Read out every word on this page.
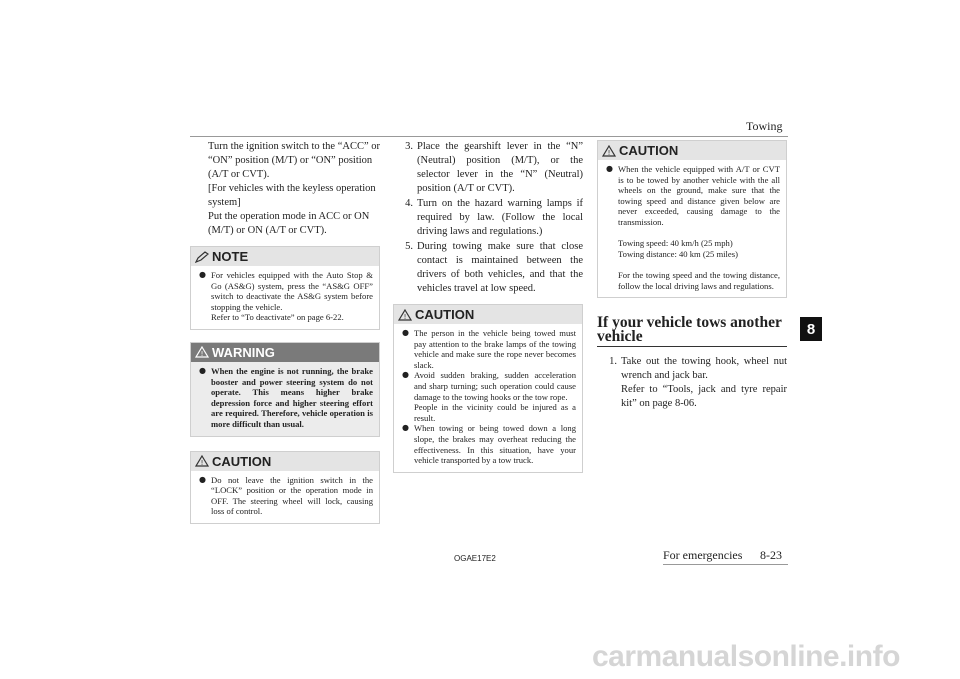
Towing

Turn the ignition switch to the “ACC” or
“ON” position (M/T) or “ON” position
(A/T or CVT).
[For vehicles with the keyless operation
system]
Put the operation mode in ACC or ON
(M/T) or ON (A/T or CVT).

NOTE
● For vehicles equipped with the Auto Stop & Go (AS&G) system, press the “AS&G OFF” switch to deactivate the AS&G system before stopping the vehicle.
Refer to “To deactivate” on page 6-22.
! WARNING
● When the engine is not running, the brake booster and power steering system do not operate. This means higher brake depression force and higher steering effort are required. Therefore, vehicle operation is more difficult than usual.
! CAUTION
● Do not leave the ignition switch in the “LOCK” position or the operation mode in OFF. The steering wheel will lock, causing loss of control.
3. Place the gearshift lever in the “N” (Neutral) position (M/T), or the selector lever in the “N” (Neutral) position (A/T or CVT).
4. Turn on the hazard warning lamps if required by law. (Follow the local driving laws and regulations.)
5. During towing make sure that close contact is maintained between the drivers of both vehicles, and that the vehicles travel at low speed.
! CAUTION
● The person in the vehicle being towed must pay attention to the brake lamps of the towing vehicle and make sure the rope never becomes slack.
● Avoid sudden braking, sudden acceleration and sharp turning; such operation could cause damage to the towing hooks or the tow rope.
People in the vicinity could be injured as a result.
● When towing or being towed down a long slope, the brakes may overheat reducing the effectiveness. In this situation, have your vehicle transported by a tow truck.
! CAUTION
● When the vehicle equipped with A/T or CVT is to be towed by another vehicle with the all wheels on the ground, make sure that the towing speed and distance given below are never exceeded, causing damage to the transmission.

Towing speed: 40 km/h (25 mph)
Towing distance: 40 km (25 miles)

For the towing speed and the towing distance, follow the local driving laws and regulations.
If your vehicle tows another vehicle
1. Take out the towing hook, wheel nut wrench and jack bar.
Refer to “Tools, jack and tyre repair kit” on page 8-06.
8
OGAE17E2	For emergencies 8-23
carmanualsonline.info
